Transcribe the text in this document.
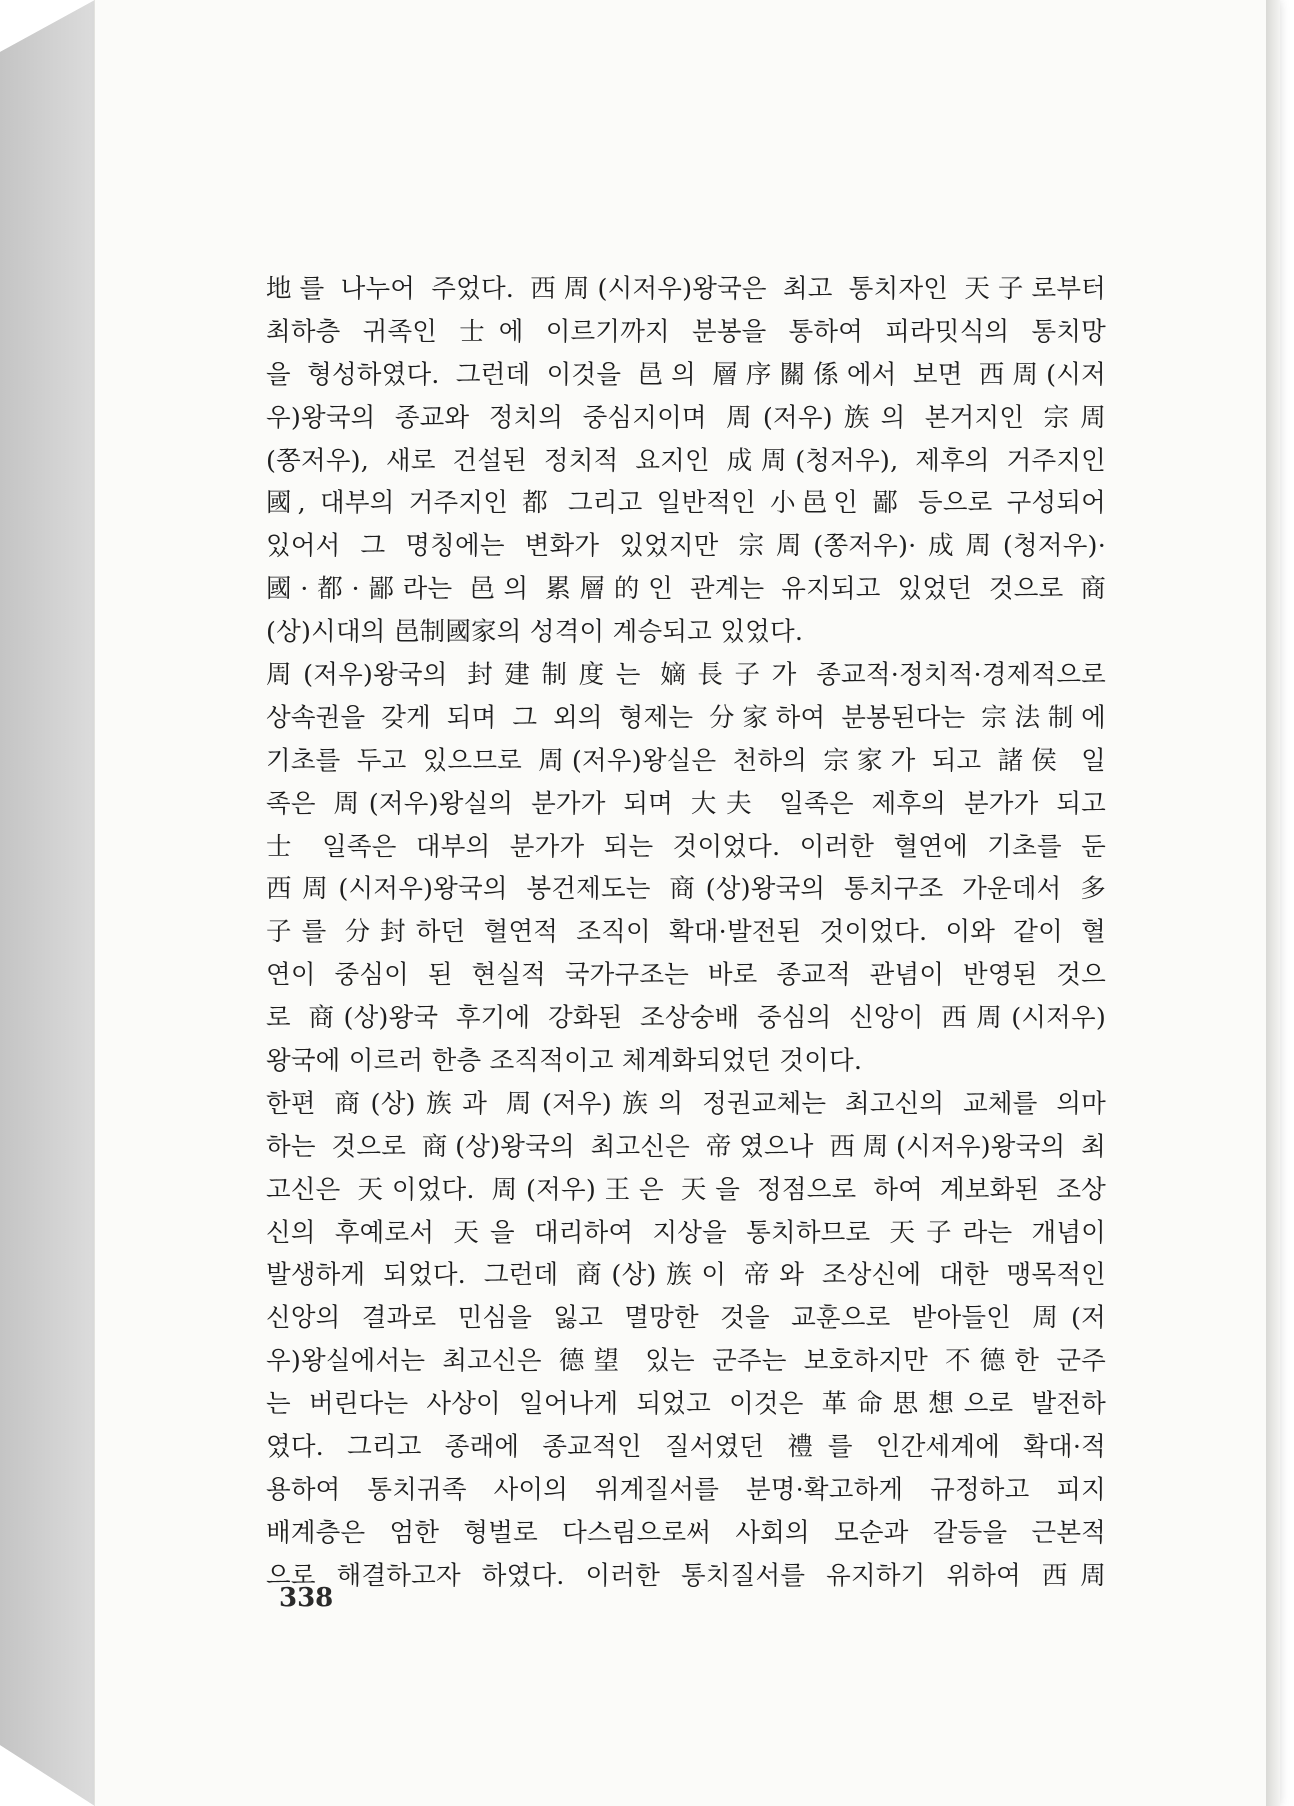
地를 나누어 주었다. 西周(시저우)왕국은 최고 통치자인 天子로부터
최하층 귀족인 士에 이르기까지 분봉을 통하여 피라밋식의 통치망
을 형성하였다. 그런데 이것을 邑의 層序關係에서 보면 西周(시저
우)왕국의 종교와 정치의 중심지이며 周(저우)族의 본거지인 宗周
(쫑저우), 새로 건설된 정치적 요지인 成周(청저우), 제후의 거주지인
國, 대부의 거주지인 都 그리고 일반적인 小邑인 鄙 등으로 구성되어
있어서 그 명칭에는 변화가 있었지만 宗周(쫑저우)·成周(청저우)·
國·都·鄙라는 邑의 累層的인 관계는 유지되고 있었던 것으로 商
(상)시대의 邑制國家의 성격이 계승되고 있었다.
周(저우)왕국의 封建制度는 嫡長子가 종교적·정치적·경제적으로
상속권을 갖게 되며 그 외의 형제는 分家하여 분봉된다는 宗法制에
기초를 두고 있으므로 周(저우)왕실은 천하의 宗家가 되고 諸侯 일
족은 周(저우)왕실의 분가가 되며 大夫 일족은 제후의 분가가 되고
士 일족은 대부의 분가가 되는 것이었다. 이러한 혈연에 기초를 둔
西周(시저우)왕국의 봉건제도는 商(상)왕국의 통치구조 가운데서 多
子를 分封하던 혈연적 조직이 확대·발전된 것이었다. 이와 같이 혈
연이 중심이 된 현실적 국가구조는 바로 종교적 관념이 반영된 것으
로 商(상)왕국 후기에 강화된 조상숭배 중심의 신앙이 西周(시저우)
왕국에 이르러 한층 조직적이고 체계화되었던 것이다.
한편 商(상)族과 周(저우)族의 정권교체는 최고신의 교체를 의마
하는 것으로 商(상)왕국의 최고신은 帝였으나 西周(시저우)왕국의 최
고신은 天이었다. 周(저우)王은 天을 정점으로 하여 계보화된 조상
신의 후예로서 天을 대리하여 지상을 통치하므로 天子라는 개념이
발생하게 되었다. 그런데 商(상)族이 帝와 조상신에 대한 맹목적인
신앙의 결과로 민심을 잃고 멸망한 것을 교훈으로 받아들인 周(저
우)왕실에서는 최고신은 德望 있는 군주는 보호하지만 不德한 군주
는 버린다는 사상이 일어나게 되었고 이것은 革命思想으로 발전하
였다. 그리고 종래에 종교적인 질서였던 禮를 인간세계에 확대·적
용하여 통치귀족 사이의 위계질서를 분명·확고하게 규정하고 피지
배계층은 엄한 형벌로 다스림으로써 사회의 모순과 갈등을 근본적
으로 해결하고자 하였다. 이러한 통치질서를 유지하기 위하여 西周
338
